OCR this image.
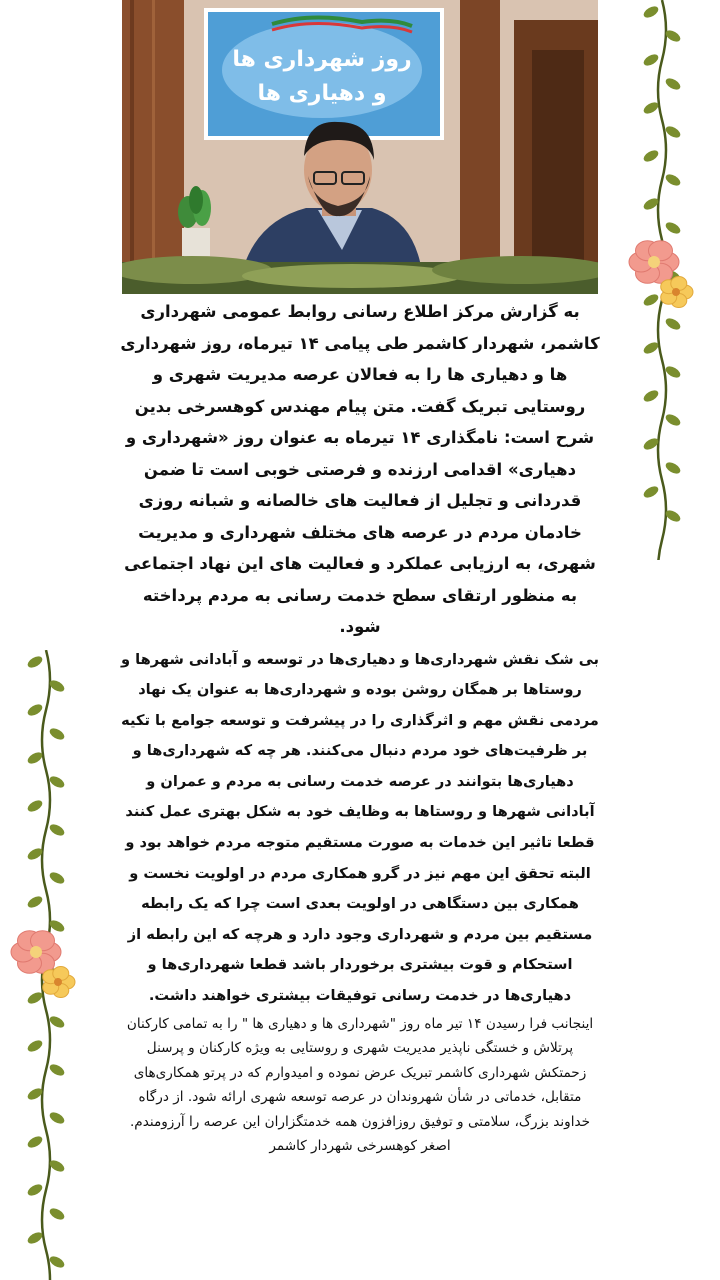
روز شهرداری ها
و دهیاری ها

به گزارش مرکز اطلاع رسانی روابط عمومی شهرداری کاشمر، شهردار کاشمر طی پیامی ۱۴ تیرماه، روز شهرداری ها و دهیاری ها را به فعالان عرصه مدیریت شهری و روستایی تبریک گفت. متن پیام مهندس کوهسرخی بدین شرح است: نامگذاری ۱۴ تیرماه به عنوان روز «شهرداری و دهیاری» اقدامی ارزنده و فرصتی خوبی است تا ضمن قدردانی و تجلیل از فعالیت های خالصانه و شبانه روزی خادمان مردم در عرصه های مختلف شهرداری و مدیریت شهری، به ارزیابی عملکرد و فعالیت های این نهاد اجتماعی به منظور ارتقای سطح خدمت رسانی به مردم پرداخته شود.

بی شک نقش شهرداری‌ها و دهیاری‌ها در توسعه و آبادانی شهرها و روستاها بر همگان روشن بوده و شهرداری‌ها به عنوان یک نهاد مردمی نقش مهم و اثرگذاری را در پیشرفت و توسعه جوامع با تکیه بر ظرفیت‌های خود مردم دنبال می‌کنند. هر چه که شهرداری‌ها و دهیاری‌ها بتوانند در عرصه خدمت رسانی به مردم و عمران و آبادانی شهرها و روستاها به وظایف خود به شکل بهتری عمل کنند قطعا تاثیر این خدمات به صورت مستقیم متوجه مردم خواهد بود و البته تحقق این مهم نیز در گرو همکاری مردم در اولویت نخست و همکاری بین دستگاهی در اولویت بعدی است چرا که یک رابطه مستقیم بین مردم و شهرداری وجود دارد و هرچه که این رابطه از استحکام و قوت بیشتری برخوردار باشد قطعا شهرداری‌ها و دهیاری‌ها در خدمت رسانی توفیقات بیشتری خواهند داشت.

اینجانب فرا رسیدن ۱۴ تیر ماه روز "شهرداری ها و دهیاری ها " را به تمامی کارکنان پرتلاش و خستگی ناپذیر مدیریت شهری و روستایی به ویژه کارکنان و پرسنل زحمتکش شهرداری کاشمر تبریک عرض نموده و امیدوارم که در پرتو همکاری‌های متقابل، خدماتی در شأن شهروندان در عرصه توسعه شهری ارائه شود. از درگاه خداوند بزرگ، سلامتی و توفیق روزافزون همه خدمتگزاران این عرصه را آرزومندم.

اصغر کوهسرخی شهردار کاشمر
